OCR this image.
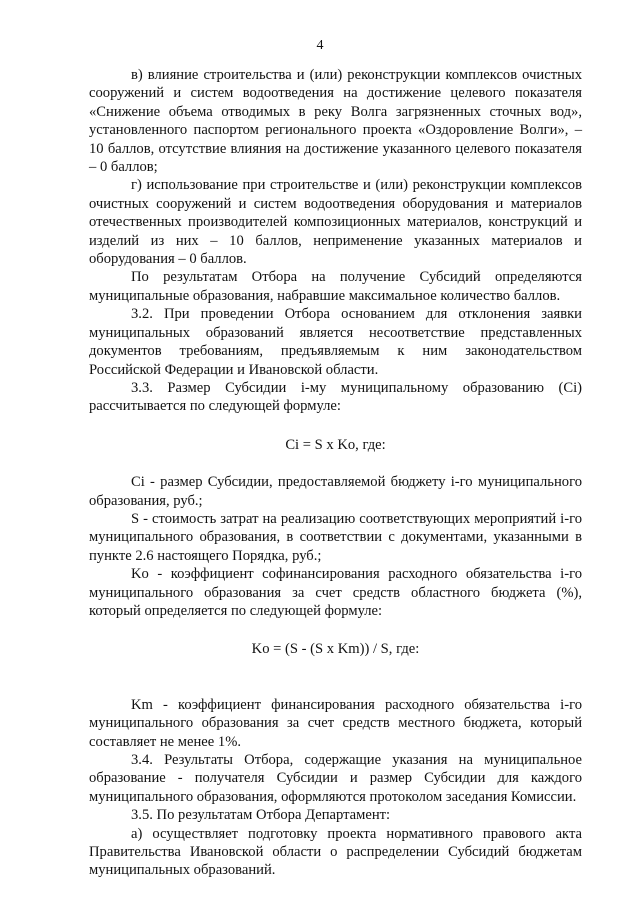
4

в) влияние строительства и (или) реконструкции комплексов очистных сооружений и систем водоотведения на достижение целевого показателя «Снижение объема отводимых в реку Волга загрязненных сточных вод», установленного паспортом регионального проекта «Оздоровление Волги», – 10 баллов, отсутствие влияния на достижение указанного целевого показателя – 0 баллов;

г) использование при строительстве и (или) реконструкции комплексов очистных сооружений и систем водоотведения оборудования и материалов отечественных производителей композиционных материалов, конструкций и изделий из них – 10 баллов, неприменение указанных материалов и оборудования – 0 баллов.

По результатам Отбора на получение Субсидий определяются муниципальные образования, набравшие максимальное количество баллов.

3.2. При проведении Отбора основанием для отклонения заявки муниципальных образований является несоответствие представленных документов требованиям, предъявляемым к ним законодательством Российской Федерации и Ивановской области.

3.3. Размер Субсидии i-му муниципальному образованию (Ci) рассчитывается по следующей формуле:

Ci = S x Ko, где:

Ci - размер Субсидии, предоставляемой бюджету i-го муниципального образования, руб.;

S - стоимость затрат на реализацию соответствующих мероприятий i-го муниципального образования, в соответствии с документами, указанными в пункте 2.6 настоящего Порядка, руб.;

Ko - коэффициент софинансирования расходного обязательства i-го муниципального образования за счет средств областного бюджета (%), который определяется по следующей формуле:

Ko = (S - (S x Km)) / S, где:

Km - коэффициент финансирования расходного обязательства i-го муниципального образования за счет средств местного бюджета, который составляет не менее 1%.

3.4. Результаты Отбора, содержащие указания на муниципальное образование - получателя Субсидии и размер Субсидии для каждого муниципального образования, оформляются протоколом заседания Комиссии.

3.5. По результатам Отбора Департамент:

а) осуществляет подготовку проекта нормативного правового акта Правительства Ивановской области о распределении Субсидий бюджетам муниципальных образований.
